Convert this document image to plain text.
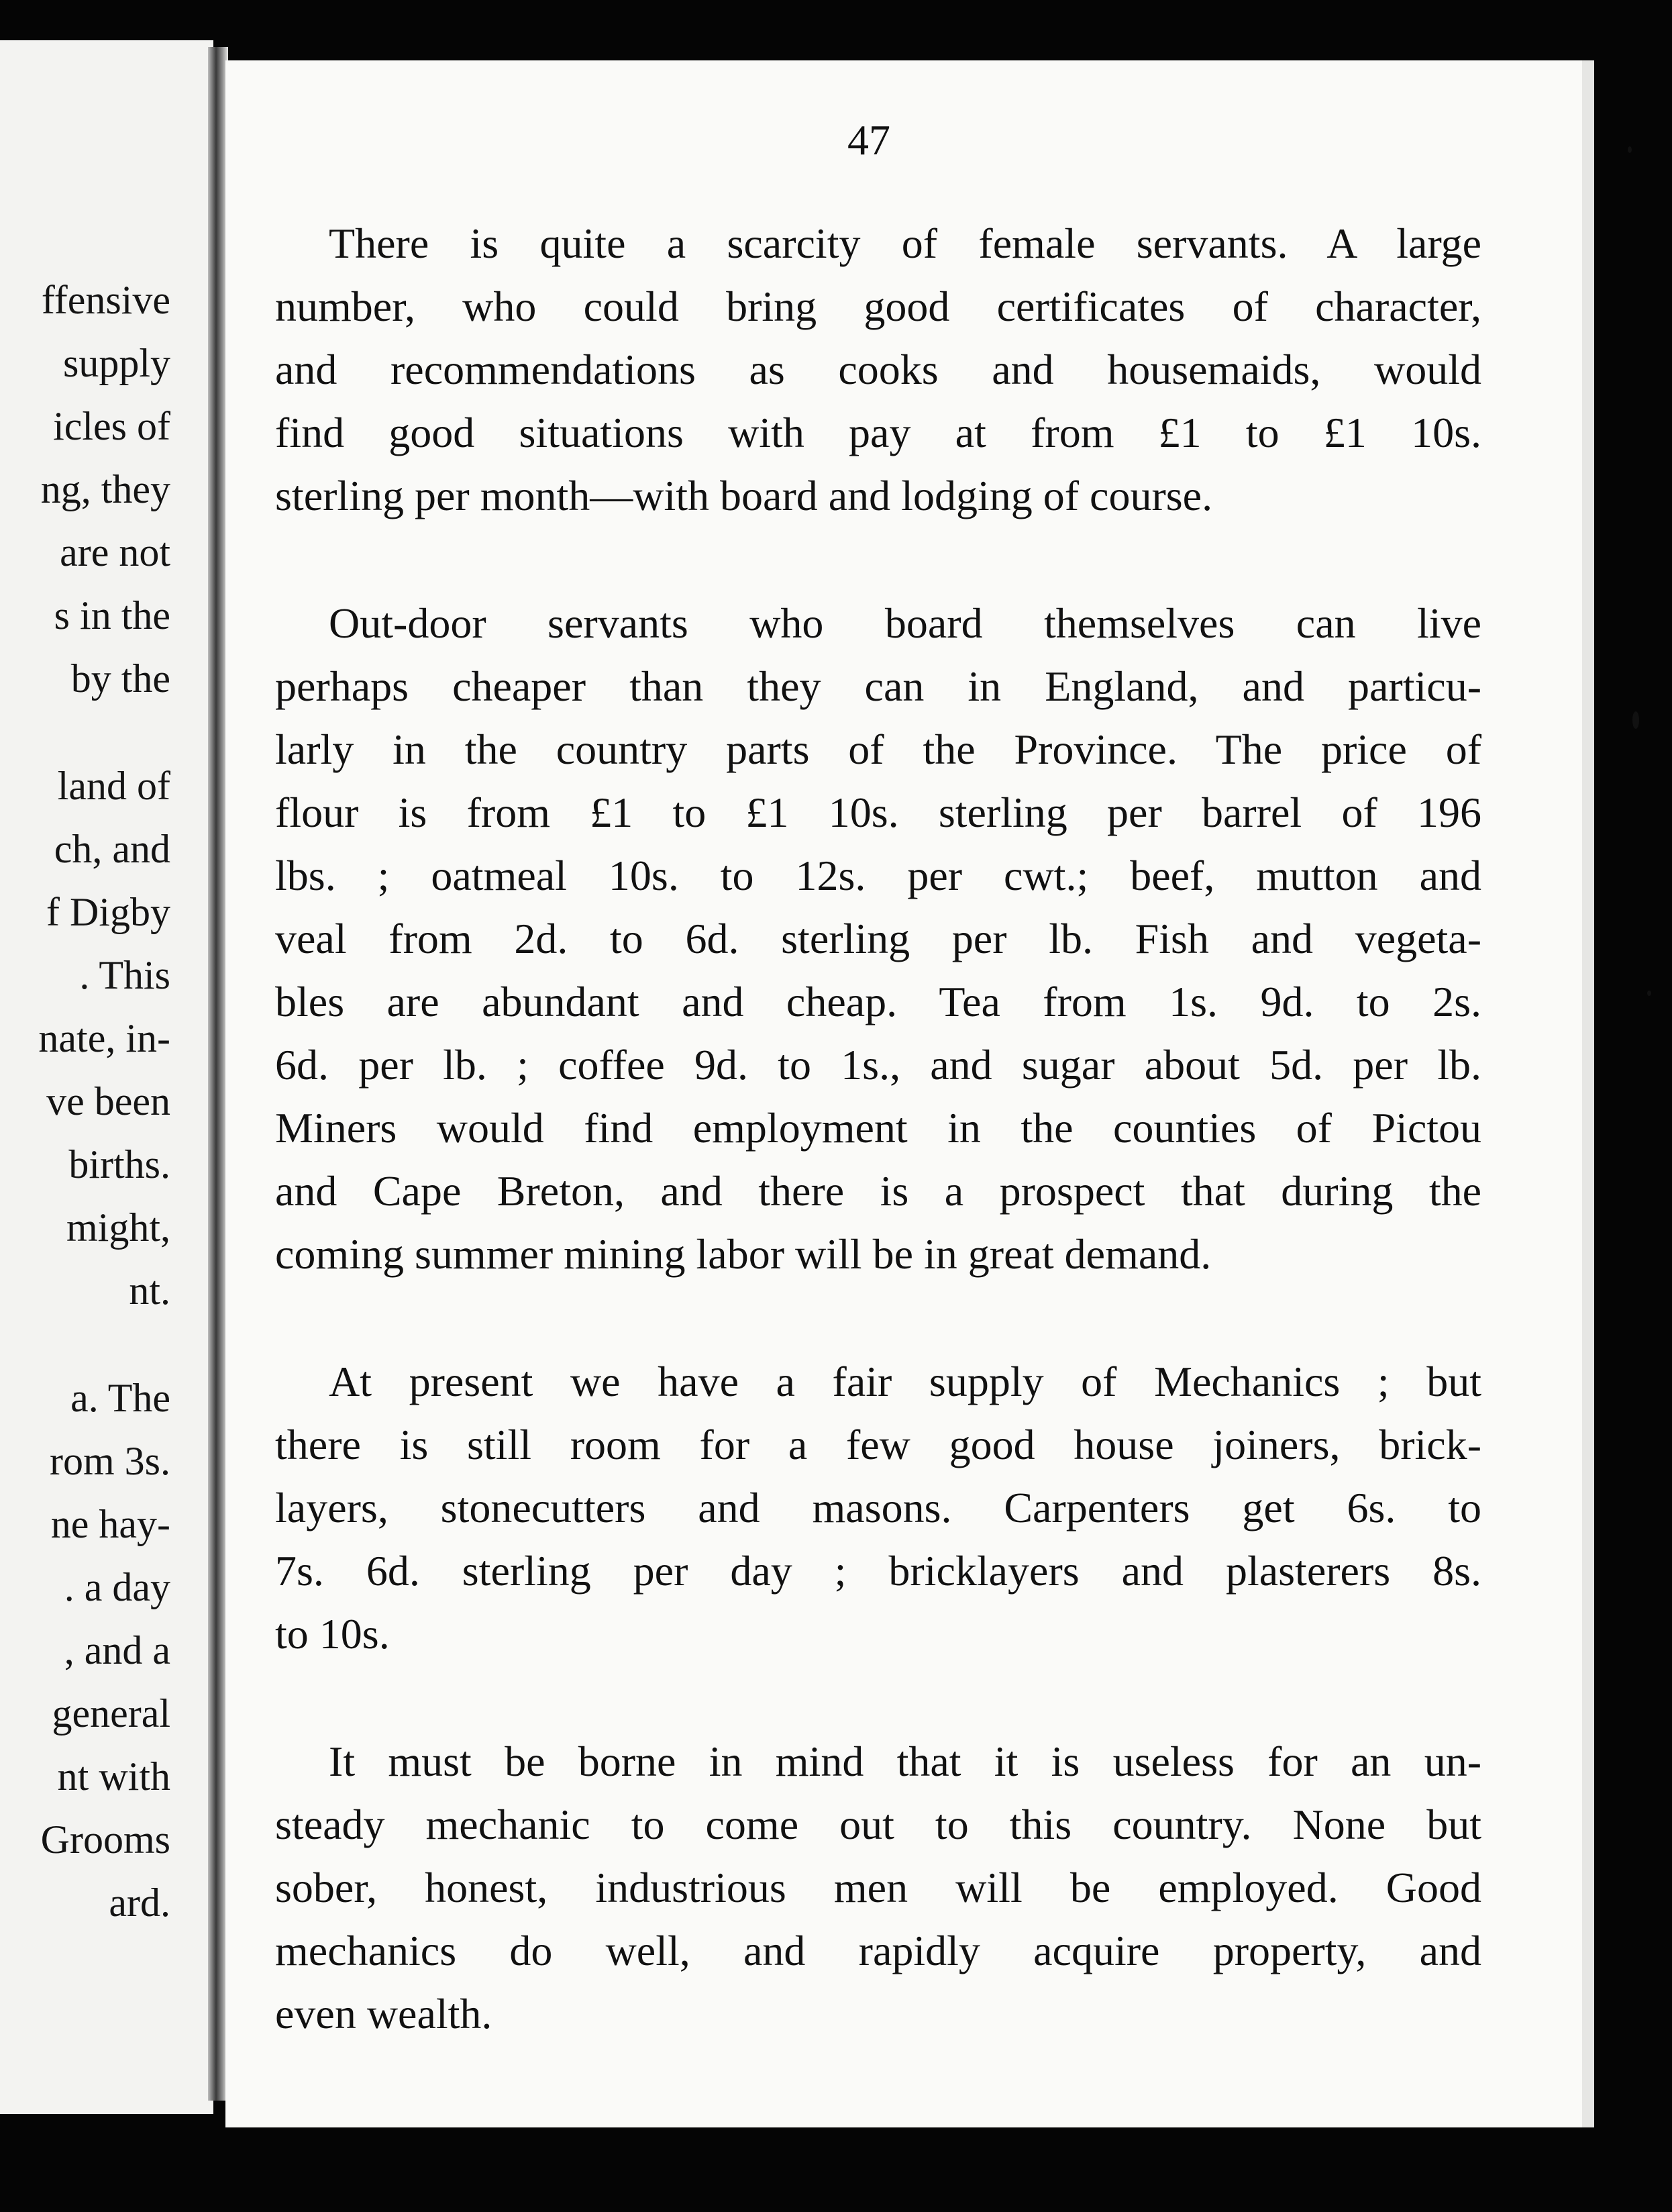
ffensive
supply
icles of
ng, they
are not
s in the
by the
land of
ch, and
f Digby
. This
nate, in-
ve been
births.
might,
nt.
a. The
rom 3s.
ne hay-
. a day
, and a
general
nt with
Grooms
ard.
47
There is quite a scarcity of female servants. A large
number, who could bring good certificates of character,
and recommendations as cooks and housemaids, would
find good situations with pay at from £1 to £1 10s.
sterling per month—with board and lodging of course.
Out-door servants who board themselves can live
perhaps cheaper than they can in England, and particu-
larly in the country parts of the Province. The price of
flour is from £1 to £1 10s. sterling per barrel of 196
lbs. ; oatmeal 10s. to 12s. per cwt.; beef, mutton and
veal from 2d. to 6d. sterling per lb. Fish and vegeta-
bles are abundant and cheap. Tea from 1s. 9d. to 2s.
6d. per lb. ; coffee 9d. to 1s., and sugar about 5d. per lb.
Miners would find employment in the counties of Pictou
and Cape Breton, and there is a prospect that during the
coming summer mining labor will be in great demand.
At present we have a fair supply of Mechanics ; but
there is still room for a few good house joiners, brick-
layers, stonecutters and masons. Carpenters get 6s. to
7s. 6d. sterling per day ; bricklayers and plasterers 8s.
to 10s.
It must be borne in mind that it is useless for an un-
steady mechanic to come out to this country. None but
sober, honest, industrious men will be employed. Good
mechanics do well, and rapidly acquire property, and
even wealth.
